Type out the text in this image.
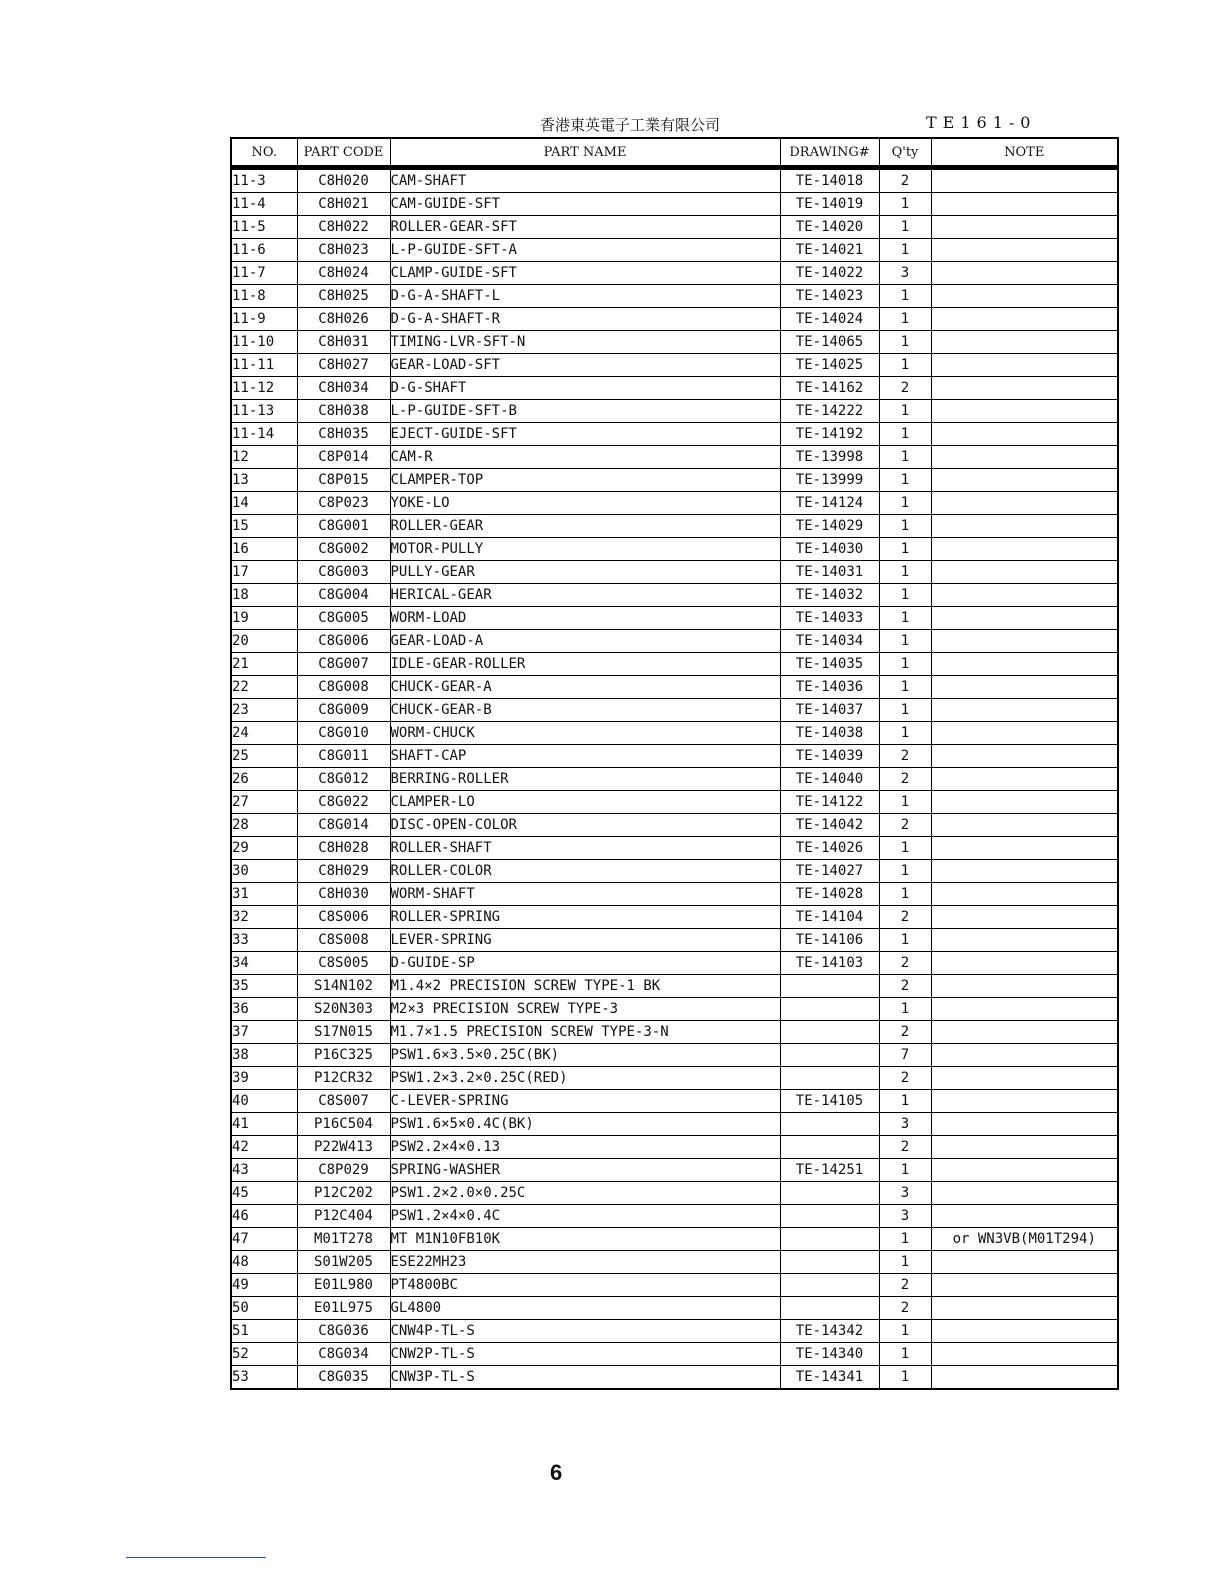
香港東英電子工業有限公司	TE161-0
NO.	PART CODE	PART NAME	DRAWING#	Q'ty	NOTE
11-3	C8H020	CAM-SHAFT	TE-14018	2	
11-4	C8H021	CAM-GUIDE-SFT	TE-14019	1	
11-5	C8H022	ROLLER-GEAR-SFT	TE-14020	1	
11-6	C8H023	L-P-GUIDE-SFT-A	TE-14021	1	
11-7	C8H024	CLAMP-GUIDE-SFT	TE-14022	3	
11-8	C8H025	D-G-A-SHAFT-L	TE-14023	1	
11-9	C8H026	D-G-A-SHAFT-R	TE-14024	1	
11-10	C8H031	TIMING-LVR-SFT-N	TE-14065	1	
11-11	C8H027	GEAR-LOAD-SFT	TE-14025	1	
11-12	C8H034	D-G-SHAFT	TE-14162	2	
11-13	C8H038	L-P-GUIDE-SFT-B	TE-14222	1	
11-14	C8H035	EJECT-GUIDE-SFT	TE-14192	1	
12	C8P014	CAM-R	TE-13998	1	
13	C8P015	CLAMPER-TOP	TE-13999	1	
14	C8P023	YOKE-LO	TE-14124	1	
15	C8G001	ROLLER-GEAR	TE-14029	1	
16	C8G002	MOTOR-PULLY	TE-14030	1	
17	C8G003	PULLY-GEAR	TE-14031	1	
18	C8G004	HERICAL-GEAR	TE-14032	1	
19	C8G005	WORM-LOAD	TE-14033	1	
20	C8G006	GEAR-LOAD-A	TE-14034	1	
21	C8G007	IDLE-GEAR-ROLLER	TE-14035	1	
22	C8G008	CHUCK-GEAR-A	TE-14036	1	
23	C8G009	CHUCK-GEAR-B	TE-14037	1	
24	C8G010	WORM-CHUCK	TE-14038	1	
25	C8G011	SHAFT-CAP	TE-14039	2	
26	C8G012	BERRING-ROLLER	TE-14040	2	
27	C8G022	CLAMPER-LO	TE-14122	1	
28	C8G014	DISC-OPEN-COLOR	TE-14042	2	
29	C8H028	ROLLER-SHAFT	TE-14026	1	
30	C8H029	ROLLER-COLOR	TE-14027	1	
31	C8H030	WORM-SHAFT	TE-14028	1	
32	C8S006	ROLLER-SPRING	TE-14104	2	
33	C8S008	LEVER-SPRING	TE-14106	1	
34	C8S005	D-GUIDE-SP	TE-14103	2	
35	S14N102	M1.4×2 PRECISION SCREW TYPE-1 BK		2	
36	S20N303	M2×3 PRECISION SCREW TYPE-3		1	
37	S17N015	M1.7×1.5 PRECISION SCREW TYPE-3-N		2	
38	P16C325	PSW1.6×3.5×0.25C(BK)		7	
39	P12CR32	PSW1.2×3.2×0.25C(RED)		2	
40	C8S007	C-LEVER-SPRING	TE-14105	1	
41	P16C504	PSW1.6×5×0.4C(BK)		3	
42	P22W413	PSW2.2×4×0.13		2	
43	C8P029	SPRING-WASHER	TE-14251	1	
45	P12C202	PSW1.2×2.0×0.25C		3	
46	P12C404	PSW1.2×4×0.4C		3	
47	M01T278	MT M1N10FB10K		1	or WN3VB(M01T294)
48	S01W205	ESE22MH23		1	
49	E01L980	PT4800BC		2	
50	E01L975	GL4800		2	
51	C8G036	CNW4P-TL-S	TE-14342	1	
52	C8G034	CNW2P-TL-S	TE-14340	1	
53	C8G035	CNW3P-TL-S	TE-14341	1	
6
